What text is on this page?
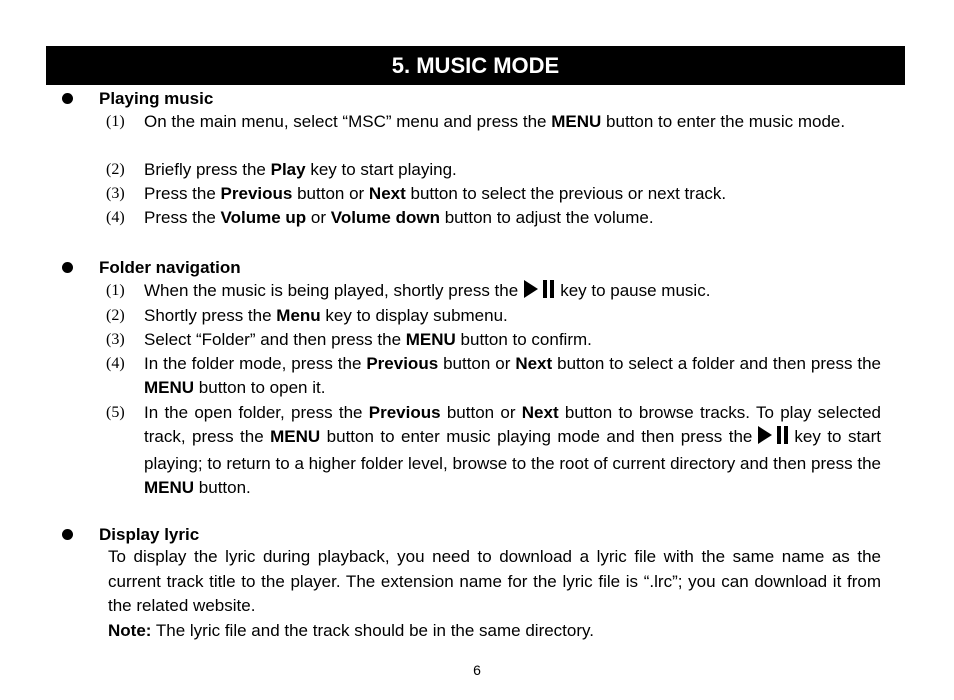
5. MUSIC MODE
Playing music
(1) On the main menu, select “MSC” menu and press the MENU button to enter the music mode.
(2) Briefly press the Play key to start playing.
(3) Press the Previous button or Next button to select the previous or next track.
(4) Press the Volume up or Volume down button to adjust the volume.
Folder navigation
(1) When the music is being played, shortly press the key to pause music.
(2) Shortly press the Menu key to display submenu.
(3) Select “Folder” and then press the MENU button to confirm.
(4) In the folder mode, press the Previous button or Next button to select a folder and then press the MENU button to open it.
(5) In the open folder, press the Previous button or Next button to browse tracks. To play selected track, press the MENU button to enter music playing mode and then press the key to start playing; to return to a higher folder level, browse to the root of current directory and then press the MENU button.
Display lyric
To display the lyric during playback, you need to download a lyric file with the same name as the current track title to the player. The extension name for the lyric file is “.lrc”; you can download it from the related website.
Note: The lyric file and the track should be in the same directory.
6
